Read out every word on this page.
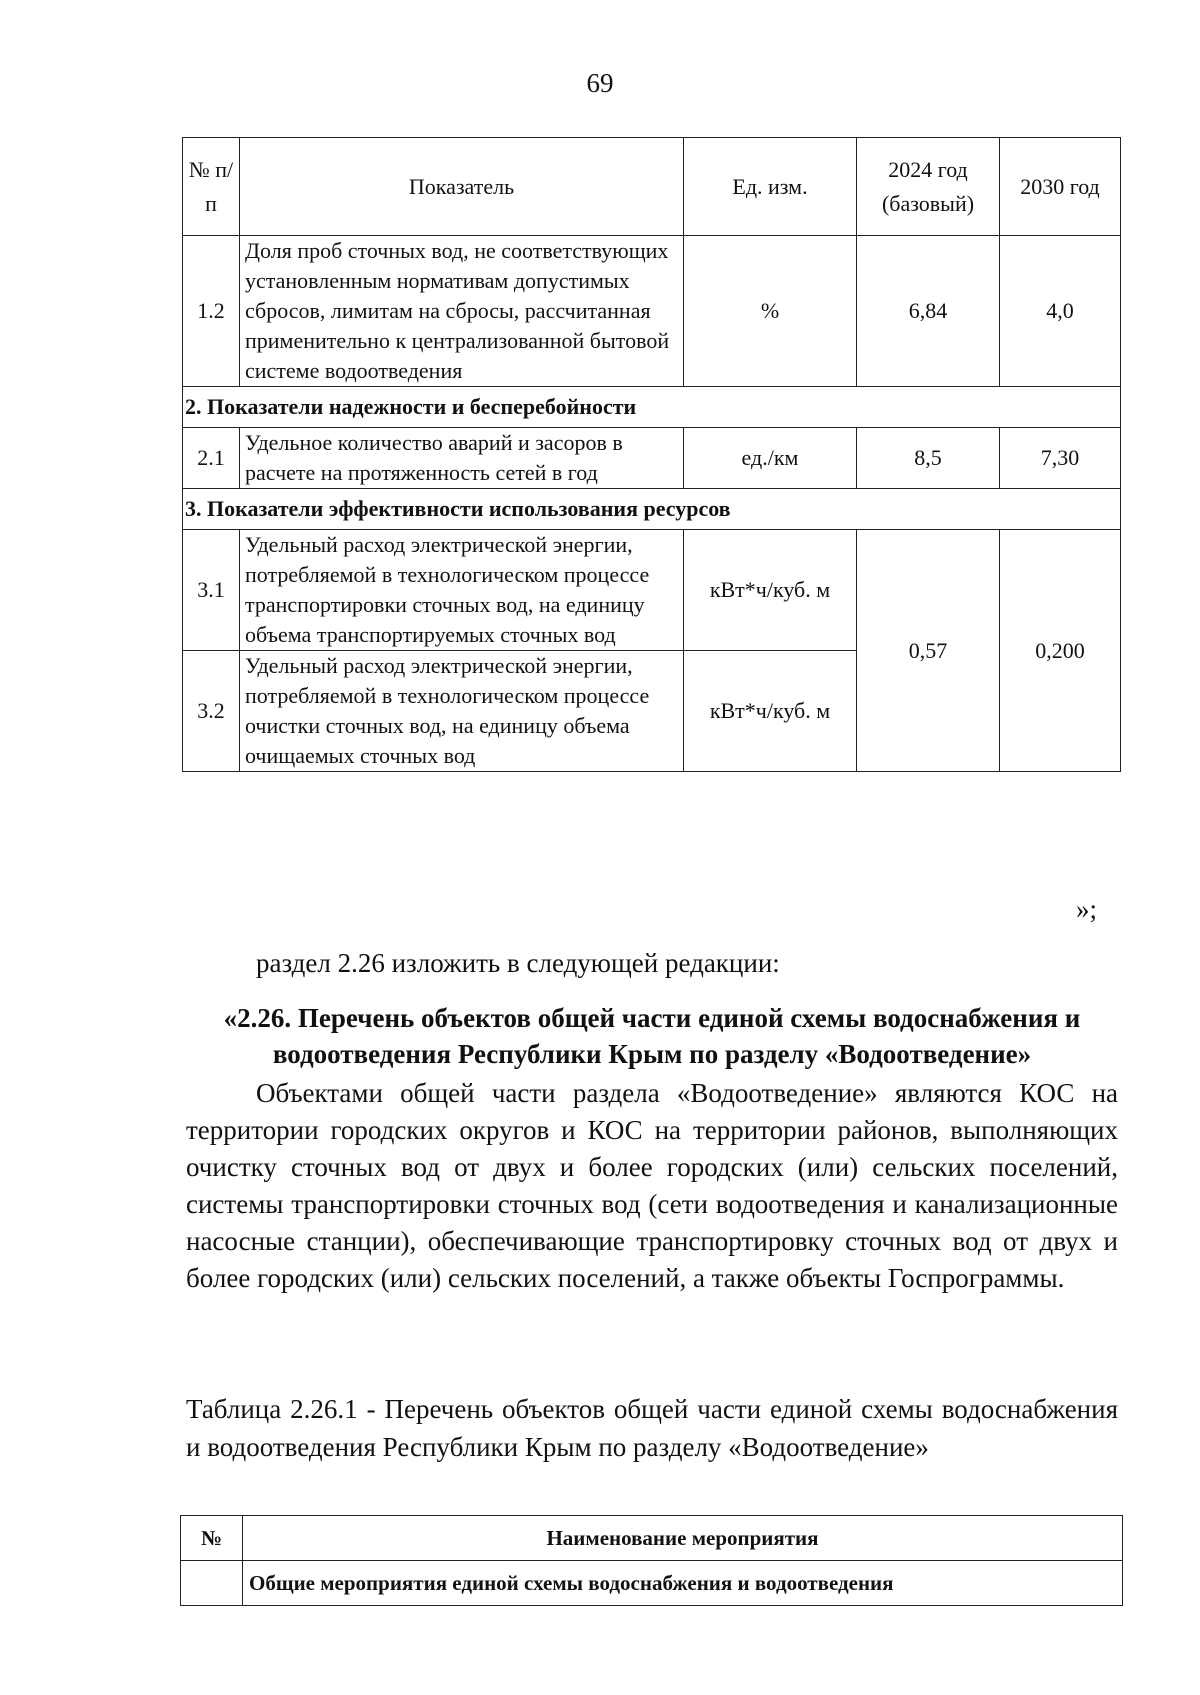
69
№ п/п	Показатель	Ед. изм.	2024 год (базовый)	2030 год
1.2	Доля проб сточных вод, не соответствующих установленным нормативам допустимых сбросов, лимитам на сбросы, рассчитанная применительно к централизованной бытовой системе водоотведения	%	6,84	4,0
2. Показатели надежности и бесперебойности				
2.1	Удельное количество аварий и засоров в расчете на протяженность сетей в год	ед./км	8,5	7,30
3. Показатели эффективности использования ресурсов				
3.1	Удельный расход электрической энергии, потребляемой в технологическом процессе транспортировки сточных вод, на единицу объема транспортируемых сточных вод	кВт*ч/куб. м	0,57	0,200
3.2	Удельный расход электрической энергии, потребляемой в технологическом процессе очистки сточных вод, на единицу объема очищаемых сточных вод	кВт*ч/куб. м		
»;
раздел 2.26 изложить в следующей редакции:
«2.26. Перечень объектов общей части единой схемы водоснабжения и водоотведения Республики Крым по разделу «Водоотведение»
Объектами общей части раздела «Водоотведение» являются КОС на территории городских округов и КОС на территории районов, выполняющих очистку сточных вод от двух и более городских (или) сельских поселений, системы транспортировки сточных вод (сети водоотведения и канализационные насосные станции), обеспечивающие транспортировку сточных вод от двух и более городских (или) сельских поселений, а также объекты Госпрограммы.
Таблица 2.26.1 - Перечень объектов общей части единой схемы водоснабжения и водоотведения Республики Крым по разделу «Водоотведение»
№	Наименование мероприятия
	Общие мероприятия единой схемы водоснабжения и водоотведения
